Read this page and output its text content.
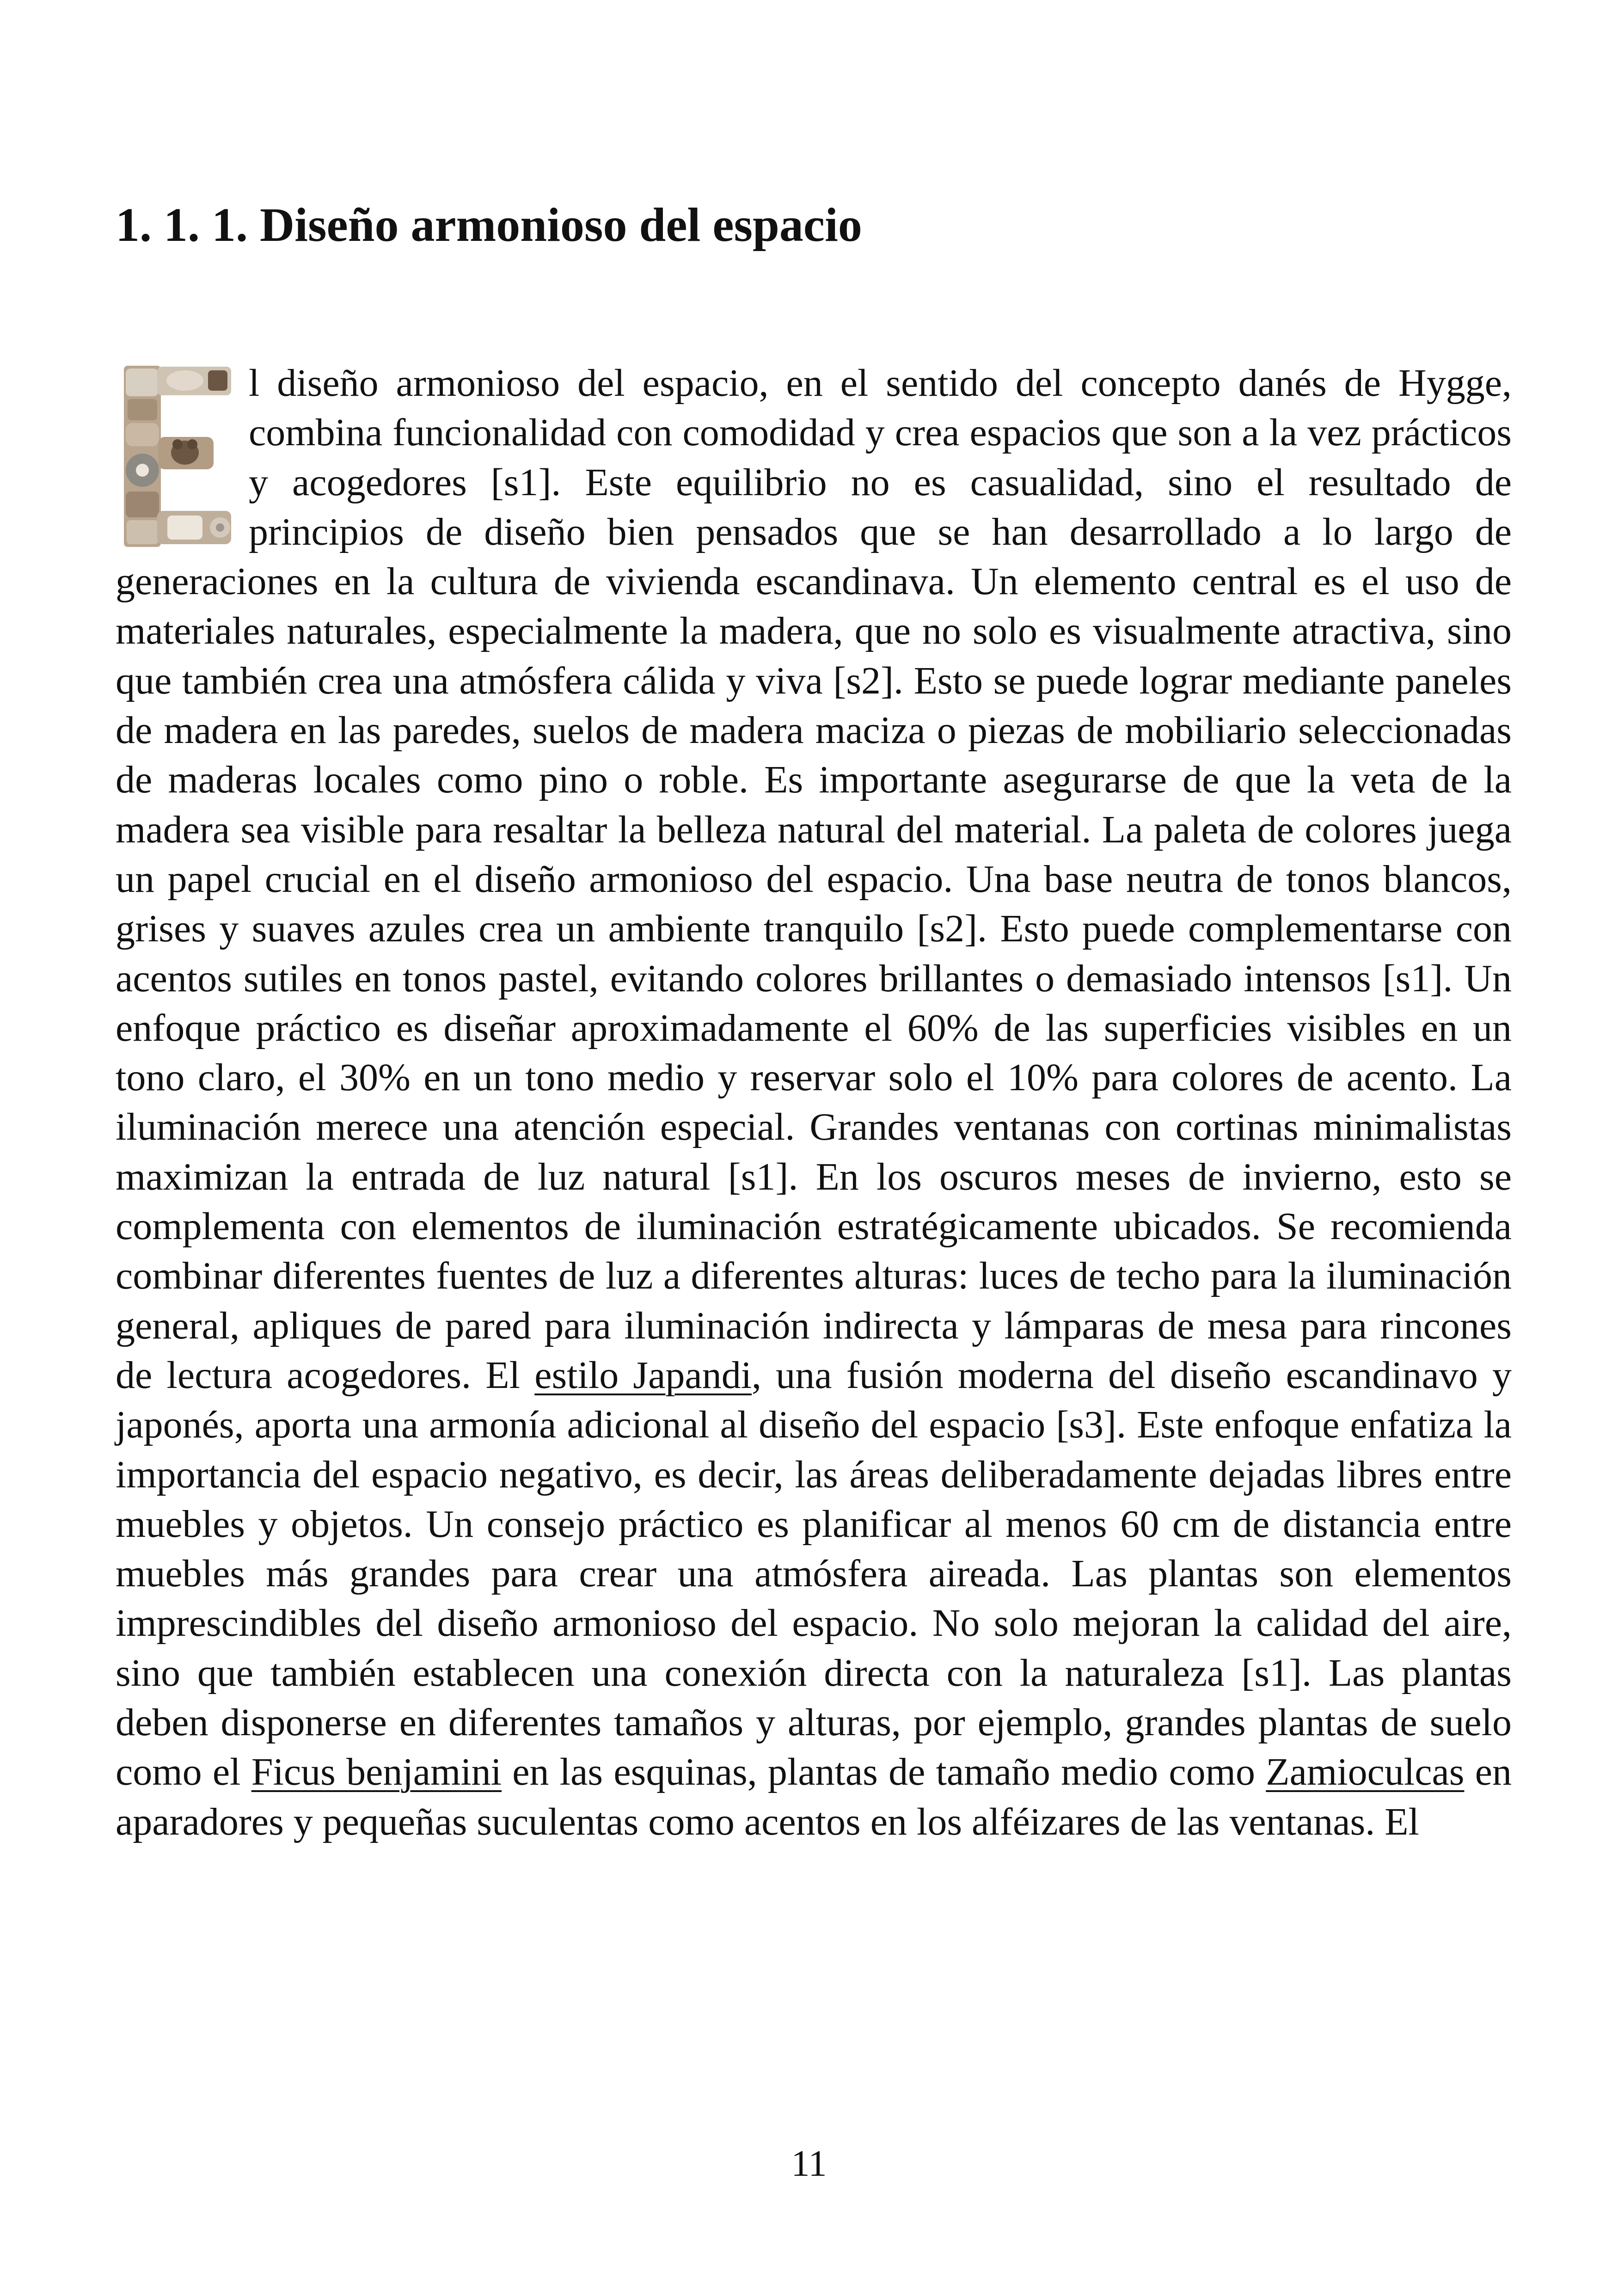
1. 1. 1. Diseño armonioso del espacio

l diseño armonioso del espacio, en el sentido del concepto danés de Hygge, combina funcionalidad con comodidad y crea espacios que son a la vez prácticos y acogedores [s1]. Este equilibrio no es casualidad, sino el resultado de principios de diseño bien pensados que se han desarrollado a lo largo de generaciones en la cultura de vivienda escandinava. Un elemento central es el uso de materiales naturales, especialmente la madera, que no solo es visualmente atractiva, sino que también crea una atmósfera cálida y viva [s2]. Esto se puede lograr mediante paneles de madera en las paredes, suelos de madera maciza o piezas de mobiliario seleccionadas de maderas locales como pino o roble. Es importante asegurarse de que la veta de la madera sea visible para resaltar la belleza natural del material. La paleta de colores juega un papel crucial en el diseño armonioso del espacio. Una base neutra de tonos blancos, grises y suaves azules crea un ambiente tranquilo [s2]. Esto puede complementarse con acentos sutiles en tonos pastel, evitando colores brillantes o demasiado intensos [s1]. Un enfoque práctico es diseñar aproximadamente el 60% de las superficies visibles en un tono claro, el 30% en un tono medio y reservar solo el 10% para colores de acento. La iluminación merece una atención especial. Grandes ventanas con cortinas minimalistas maximizan la entrada de luz natural [s1]. En los oscuros meses de invierno, esto se complementa con elementos de iluminación estratégicamente ubicados. Se recomienda combinar diferentes fuentes de luz a diferentes alturas: luces de techo para la iluminación general, apliques de pared para iluminación indirecta y lámparas de mesa para rincones de lectura acogedores. El estilo Japandi, una fusión moderna del diseño escandinavo y japonés, aporta una armonía adicional al diseño del espacio [s3]. Este enfoque enfatiza la importancia del espacio negativo, es decir, las áreas deliberadamente dejadas libres entre muebles y objetos. Un consejo práctico es planificar al menos 60 cm de distancia entre muebles más grandes para crear una atmósfera aireada. Las plantas son elementos imprescindibles del diseño armonioso del espacio. No solo mejoran la calidad del aire, sino que también establecen una conexión directa con la naturaleza [s1]. Las plantas deben disponerse en diferentes tamaños y alturas, por ejemplo, grandes plantas de suelo como el Ficus benjamini en las esquinas, plantas de tamaño medio como Zamioculcas en aparadores y pequeñas suculentas como acentos en los alféizares de las ventanas. El

11
